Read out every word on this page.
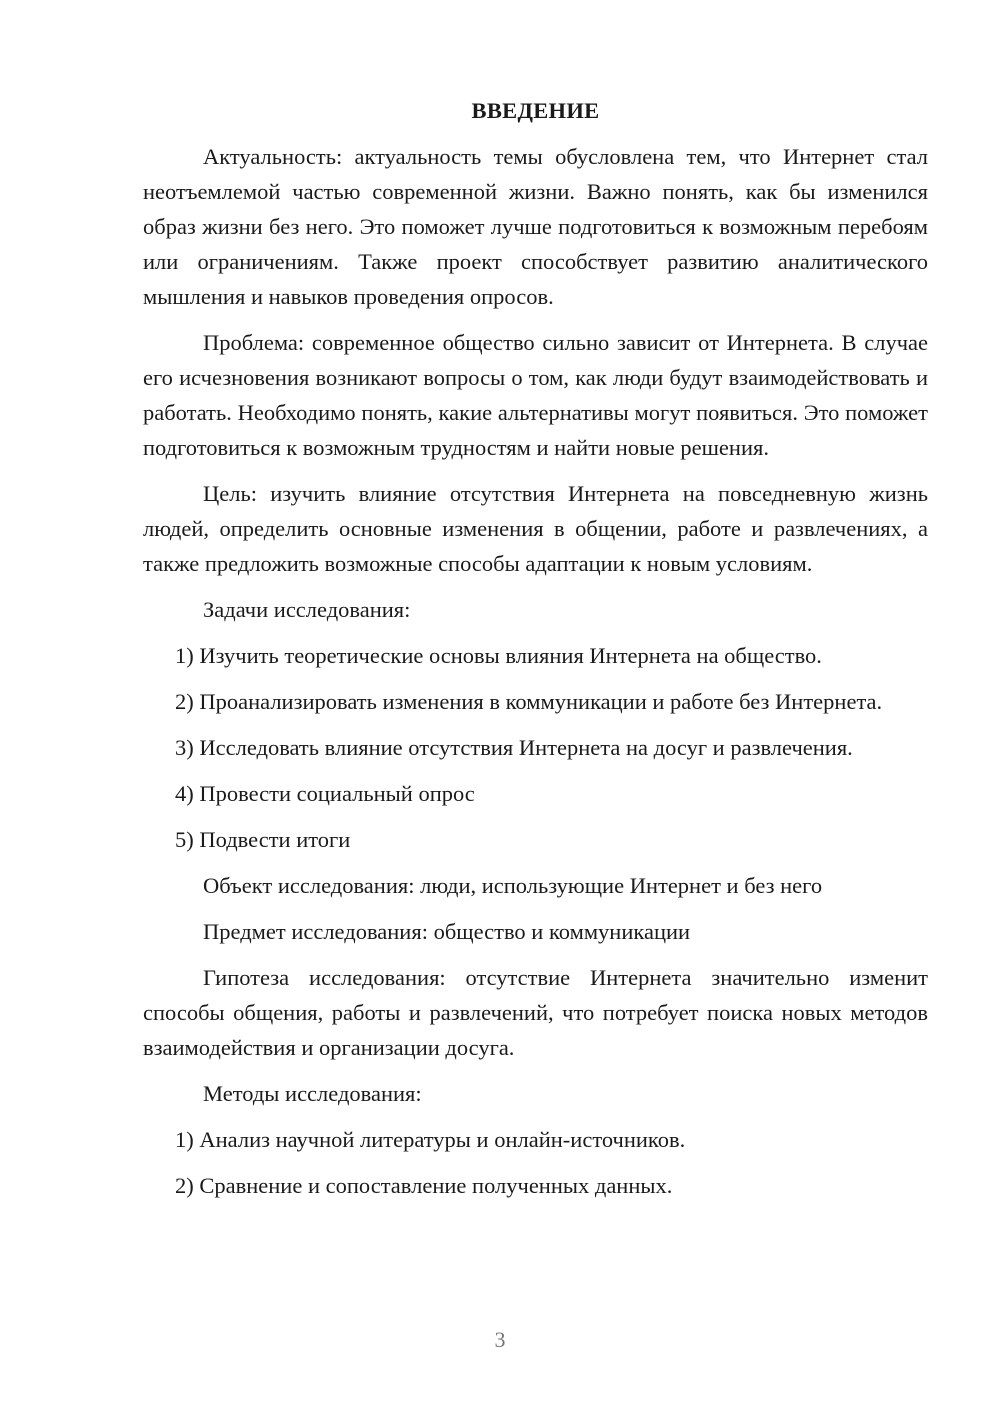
ВВЕДЕНИЕ

Актуальность: актуальность темы обусловлена тем, что Интернет стал неотъемлемой частью современной жизни. Важно понять, как бы изменился образ жизни без него. Это поможет лучше подготовиться к возможным перебоям или ограничениям. Также проект способствует развитию аналитического мышления и навыков проведения опросов.

Проблема: современное общество сильно зависит от Интернета. В случае его исчезновения возникают вопросы о том, как люди будут взаимодействовать и работать. Необходимо понять, какие альтернативы могут появиться. Это поможет подготовиться к возможным трудностям и найти новые решения.

Цель: изучить влияние отсутствия Интернета на повседневную жизнь людей, определить основные изменения в общении, работе и развлечениях, а также предложить возможные способы адаптации к новым условиям.

Задачи исследования:

1) Изучить теоретические основы влияния Интернета на общество.
2) Проанализировать изменения в коммуникации и работе без Интернета.
3) Исследовать влияние отсутствия Интернета на досуг и развлечения.
4) Провести социальный опрос
5) Подвести итоги

Объект исследования: люди, использующие Интернет и без него

Предмет исследования: общество и коммуникации

Гипотеза исследования: отсутствие Интернета значительно изменит способы общения, работы и развлечений, что потребует поиска новых методов взаимодействия и организации досуга.

Методы исследования:

1) Анализ научной литературы и онлайн-источников.
2) Сравнение и сопоставление полученных данных.
3
